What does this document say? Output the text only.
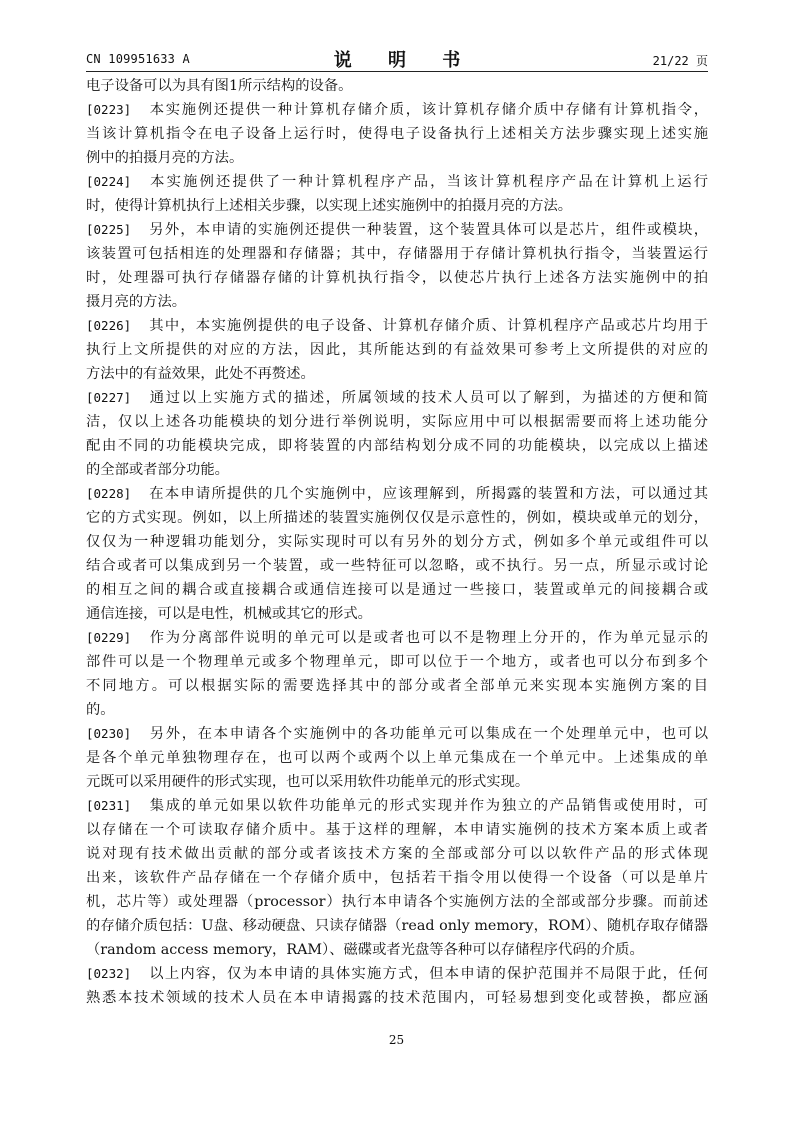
CN 109951633 A	说 明 书	21/22 页
电子设备可以为具有图1所示结构的设备。
[0223] 本实施例还提供一种计算机存储介质，该计算机存储介质中存储有计算机指令，
当该计算机指令在电子设备上运行时，使得电子设备执行上述相关方法步骤实现上述实施
例中的拍摄月亮的方法。
[0224] 本实施例还提供了一种计算机程序产品，当该计算机程序产品在计算机上运行
时，使得计算机执行上述相关步骤，以实现上述实施例中的拍摄月亮的方法。
[0225] 另外，本申请的实施例还提供一种装置，这个装置具体可以是芯片，组件或模块，
该装置可包括相连的处理器和存储器；其中，存储器用于存储计算机执行指令，当装置运行
时，处理器可执行存储器存储的计算机执行指令，以使芯片执行上述各方法实施例中的拍
摄月亮的方法。
[0226] 其中，本实施例提供的电子设备、计算机存储介质、计算机程序产品或芯片均用于
执行上文所提供的对应的方法，因此，其所能达到的有益效果可参考上文所提供的对应的
方法中的有益效果，此处不再赘述。
[0227] 通过以上实施方式的描述，所属领域的技术人员可以了解到，为描述的方便和简
洁，仅以上述各功能模块的划分进行举例说明，实际应用中可以根据需要而将上述功能分
配由不同的功能模块完成，即将装置的内部结构划分成不同的功能模块，以完成以上描述
的全部或者部分功能。
[0228] 在本申请所提供的几个实施例中，应该理解到，所揭露的装置和方法，可以通过其
它的方式实现。例如，以上所描述的装置实施例仅仅是示意性的，例如，模块或单元的划分，
仅仅为一种逻辑功能划分，实际实现时可以有另外的划分方式，例如多个单元或组件可以
结合或者可以集成到另一个装置，或一些特征可以忽略，或不执行。另一点，所显示或讨论
的相互之间的耦合或直接耦合或通信连接可以是通过一些接口，装置或单元的间接耦合或
通信连接，可以是电性，机械或其它的形式。
[0229] 作为分离部件说明的单元可以是或者也可以不是物理上分开的，作为单元显示的
部件可以是一个物理单元或多个物理单元，即可以位于一个地方，或者也可以分布到多个
不同地方。可以根据实际的需要选择其中的部分或者全部单元来实现本实施例方案的目
的。
[0230] 另外，在本申请各个实施例中的各功能单元可以集成在一个处理单元中，也可以
是各个单元单独物理存在，也可以两个或两个以上单元集成在一个单元中。上述集成的单
元既可以采用硬件的形式实现，也可以采用软件功能单元的形式实现。
[0231] 集成的单元如果以软件功能单元的形式实现并作为独立的产品销售或使用时，可
以存储在一个可读取存储介质中。基于这样的理解，本申请实施例的技术方案本质上或者
说对现有技术做出贡献的部分或者该技术方案的全部或部分可以以软件产品的形式体现
出来，该软件产品存储在一个存储介质中，包括若干指令用以使得一个设备（可以是单片
机，芯片等）或处理器（processor）执行本申请各个实施例方法的全部或部分步骤。而前述
的存储介质包括：U盘、移动硬盘、只读存储器（read only memory，ROM）、随机存取存储器
（random access memory，RAM）、磁碟或者光盘等各种可以存储程序代码的介质。
[0232] 以上内容，仅为本申请的具体实施方式，但本申请的保护范围并不局限于此，任何
熟悉本技术领域的技术人员在本申请揭露的技术范围内，可轻易想到变化或替换，都应涵
25
